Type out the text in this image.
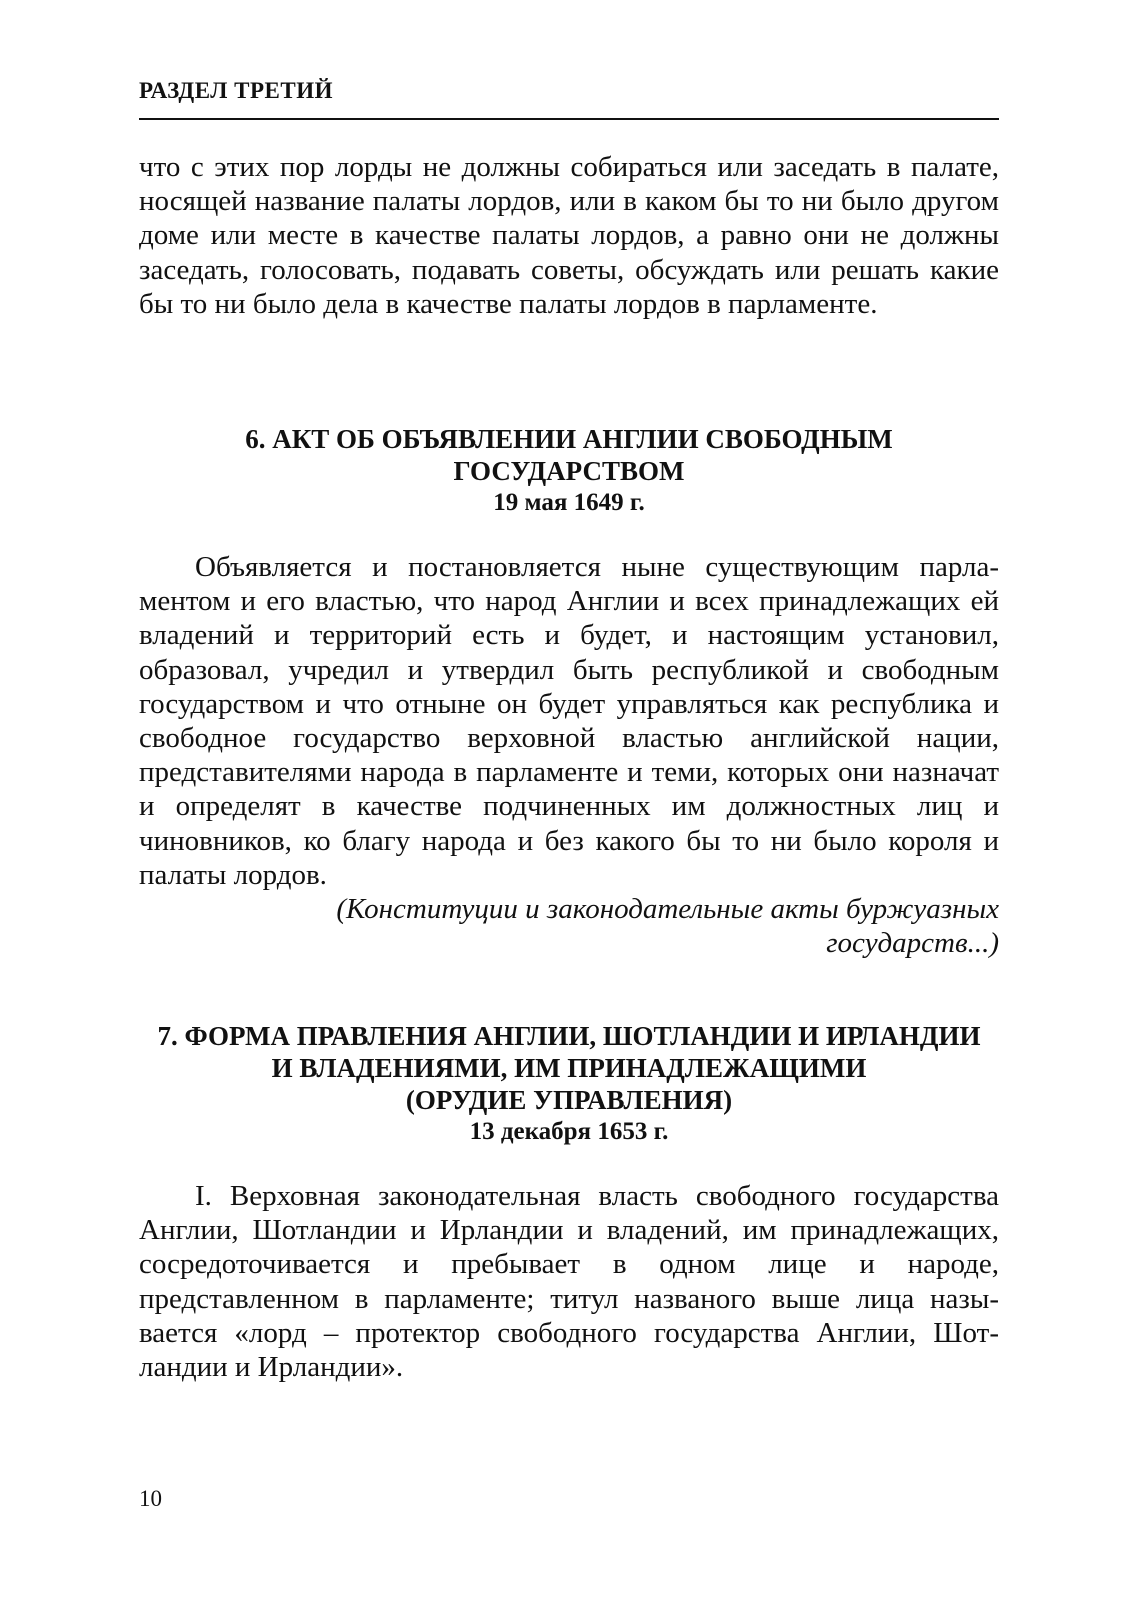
РАЗДЕЛ ТРЕТИЙ

что с этих пор лорды не должны собираться или заседать в палате, носящей название палаты лордов, или в каком бы то ни было другом доме или месте в качестве палаты лордов, а равно они не должны заседать, голосовать, подавать советы, обсуждать или решать какие бы то ни было дела в качестве палаты лордов в парламенте.

6. АКТ ОБ ОБЪЯВЛЕНИИ АНГЛИИ СВОБОДНЫМ
ГОСУДАРСТВОМ
19 мая 1649 г.

Объявляется и постановляется ныне существующим парламентом и его властью, что народ Англии и всех принадлежащих ей владений и территорий есть и будет, и настоящим установил, образовал, учредил и утвердил быть республикой и свободным государством и что отныне он будет управляться как республика и свободное государство верховной властью английской нации, представителями народа в парламенте и теми, которых они назначат и определят в качестве подчиненных им должностных лиц и чиновников, ко благу народа и без какого бы то ни было короля и палаты лордов.

(Конституции и законодательные акты буржуазных
государств...)

7. ФОРМА ПРАВЛЕНИЯ АНГЛИИ, ШОТЛАНДИИ И ИРЛАНДИИ
И ВЛАДЕНИЯМИ, ИМ ПРИНАДЛЕЖАЩИМИ
(ОРУДИЕ УПРАВЛЕНИЯ)
13 декабря 1653 г.

I. Верховная законодательная власть свободного государства Англии, Шотландии и Ирландии и владений, им принадлежащих, сосредоточивается и пребывает в одном лице и народе, представленном в парламенте; титул названого выше лица называется «лорд – протектор свободного государства Англии, Шотландии и Ирландии».

10
